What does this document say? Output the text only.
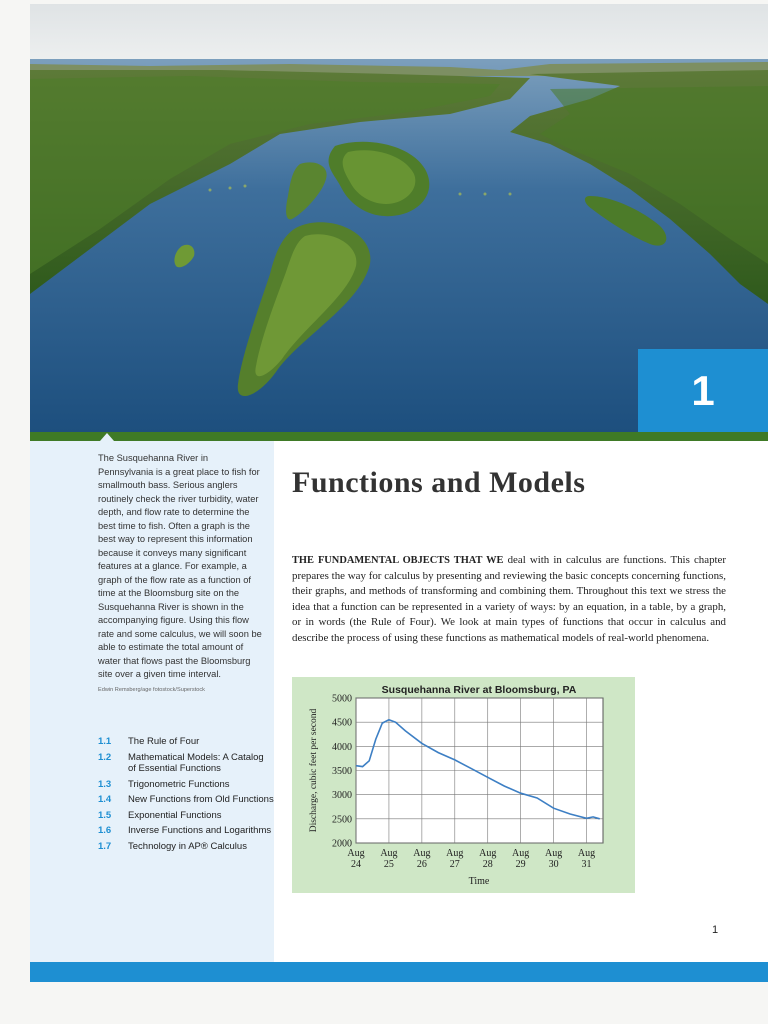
1
The Susquehanna River in Pennsylvania is a great place to fish for smallmouth bass. Serious anglers routinely check the river turbidity, water depth, and flow rate to determine the best time to fish. Often a graph is the best way to represent this information because it conveys many significant features at a glance. For example, a graph of the flow rate as a function of time at the Bloomsburg site on the Susquehanna River is shown in the accompanying figure. Using this flow rate and some calculus, we will soon be able to estimate the total amount of water that flows past the Bloomsburg site over a given time interval.
Edwin Remsberg/age fotostock/Superstock
1.1	The Rule of Four
1.2	Mathematical Models: A Catalog of Essential Functions
1.3	Trigonometric Functions
1.4	New Functions from Old Functions
1.5	Exponential Functions
1.6	Inverse Functions and Logarithms
1.7	Technology in AP® Calculus
Functions and Models
THE FUNDAMENTAL OBJECTS THAT WE deal with in calculus are functions. This chapter prepares the way for calculus by presenting and reviewing the basic concepts concerning functions, their graphs, and methods of transforming and combining them. Throughout this text we stress the idea that a function can be represented in a variety of ways: by an equation, in a table, by a graph, or in words (the Rule of Four). We look at main types of functions that occur in calculus and describe the process of using these functions as mathematical models of real-world phenomena.
2000
2500
3000
3500
4000
4500
5000
Aug
24
Aug
25
Aug
26
Aug
27
Aug
28
Aug
29
Aug
30
Aug
31
Susquehanna River at Bloomsburg, PA
Time
Discharge, cubic feet per second
1
